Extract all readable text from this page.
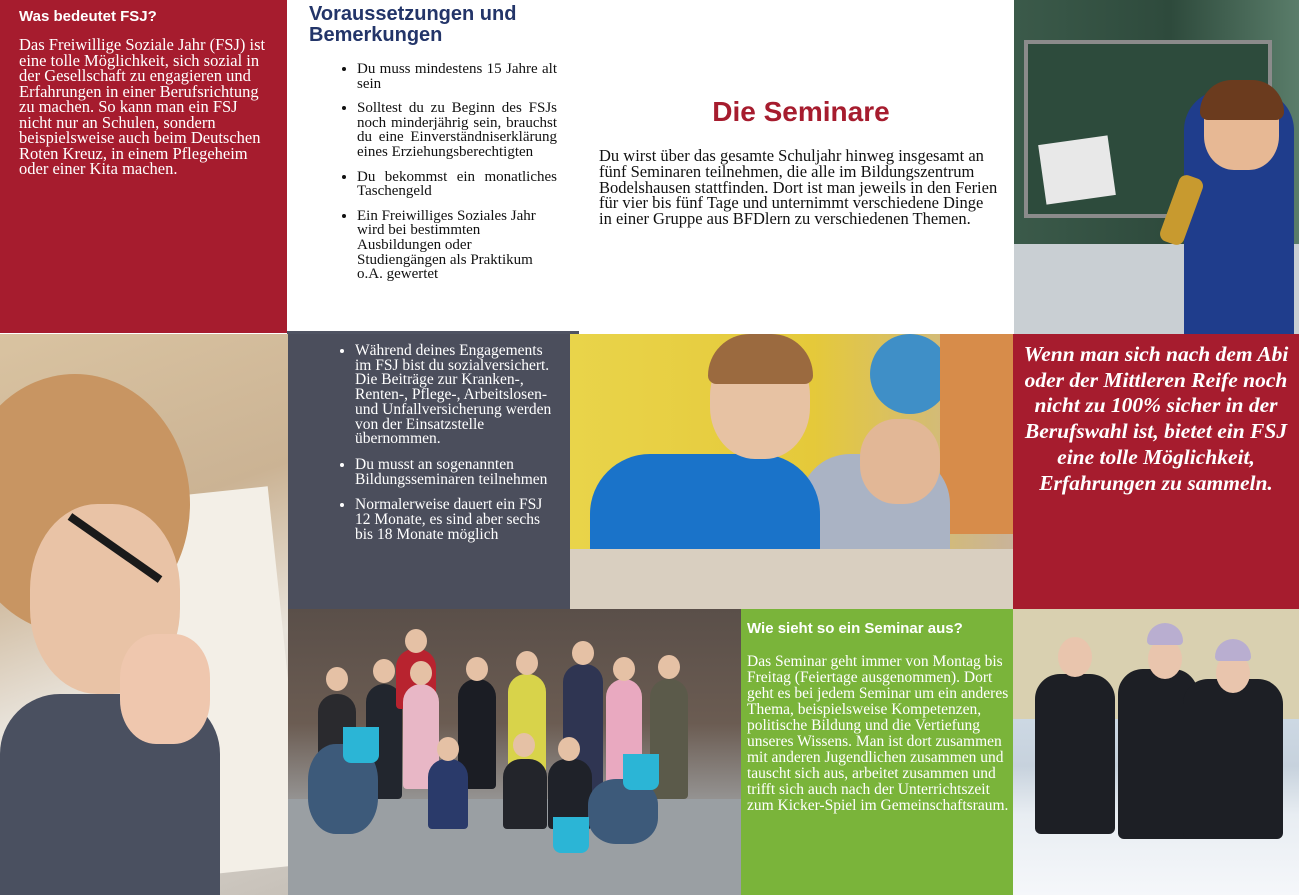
Was bedeutet FSJ?

Das Freiwillige Soziale Jahr (FSJ) ist eine tolle Möglichkeit, sich sozial in der Gesellschaft zu engagieren und Erfahrungen in einer Berufsrichtung zu machen. So kann man ein FSJ nicht nur an Schulen, sondern beispielsweise auch beim Deutschen Roten Kreuz, in einem Pflegeheim oder einer Kita machen.

Voraussetzungen und Bemerkungen
• Du muss mindestens 15 Jahre alt sein
• Solltest du zu Beginn des FSJs noch minderjährig sein, brauchst du eine Einverständniserklärung eines Erziehungsberechtigten
• Du bekommst ein monatliches Taschengeld
• Ein Freiwilliges Soziales Jahr wird bei bestimmten Ausbildungen oder Studiengängen als Praktikum o.A. gewertet
Die Seminare

Du wirst über das gesamte Schuljahr hinweg insgesamt an fünf Seminaren teilnehmen, die alle im Bildungszentrum Bodelshausen stattfinden. Dort ist man jeweils in den Ferien für vier bis fünf Tage und unternimmt verschiedene Dinge in einer Gruppe aus BFDlern zu verschiedenen Themen.

• Während deines Engagements im FSJ bist du sozialversichert. Die Beiträge zur Kranken-, Renten-, Pflege-, Arbeitslosen- und Unfallversicherung werden von der Einsatzstelle übernommen.
• Du musst an sogenannten Bildungsseminaren teilnehmen
• Normalerweise dauert ein FSJ 12 Monate, es sind aber sechs bis 18 Monate möglich

Wenn man sich nach dem Abi oder der Mittleren Reife noch nicht zu 100% sicher in der Berufswahl ist, bietet ein FSJ eine tolle Möglichkeit, Erfahrungen zu sammeln.

Wie sieht so ein Seminar aus?

Das Seminar geht immer von Montag bis Freitag (Feiertage ausgenommen). Dort geht es bei jedem Seminar um ein anderes Thema, beispielsweise Kompetenzen, politische Bildung und die Vertiefung unseres Wissens. Man ist dort zusammen mit anderen Jugendlichen zusammen und tauscht sich aus, arbeitet zusammen und trifft sich auch nach der Unterrichtszeit zum Kicker-Spiel im Gemeinschaftsraum.
